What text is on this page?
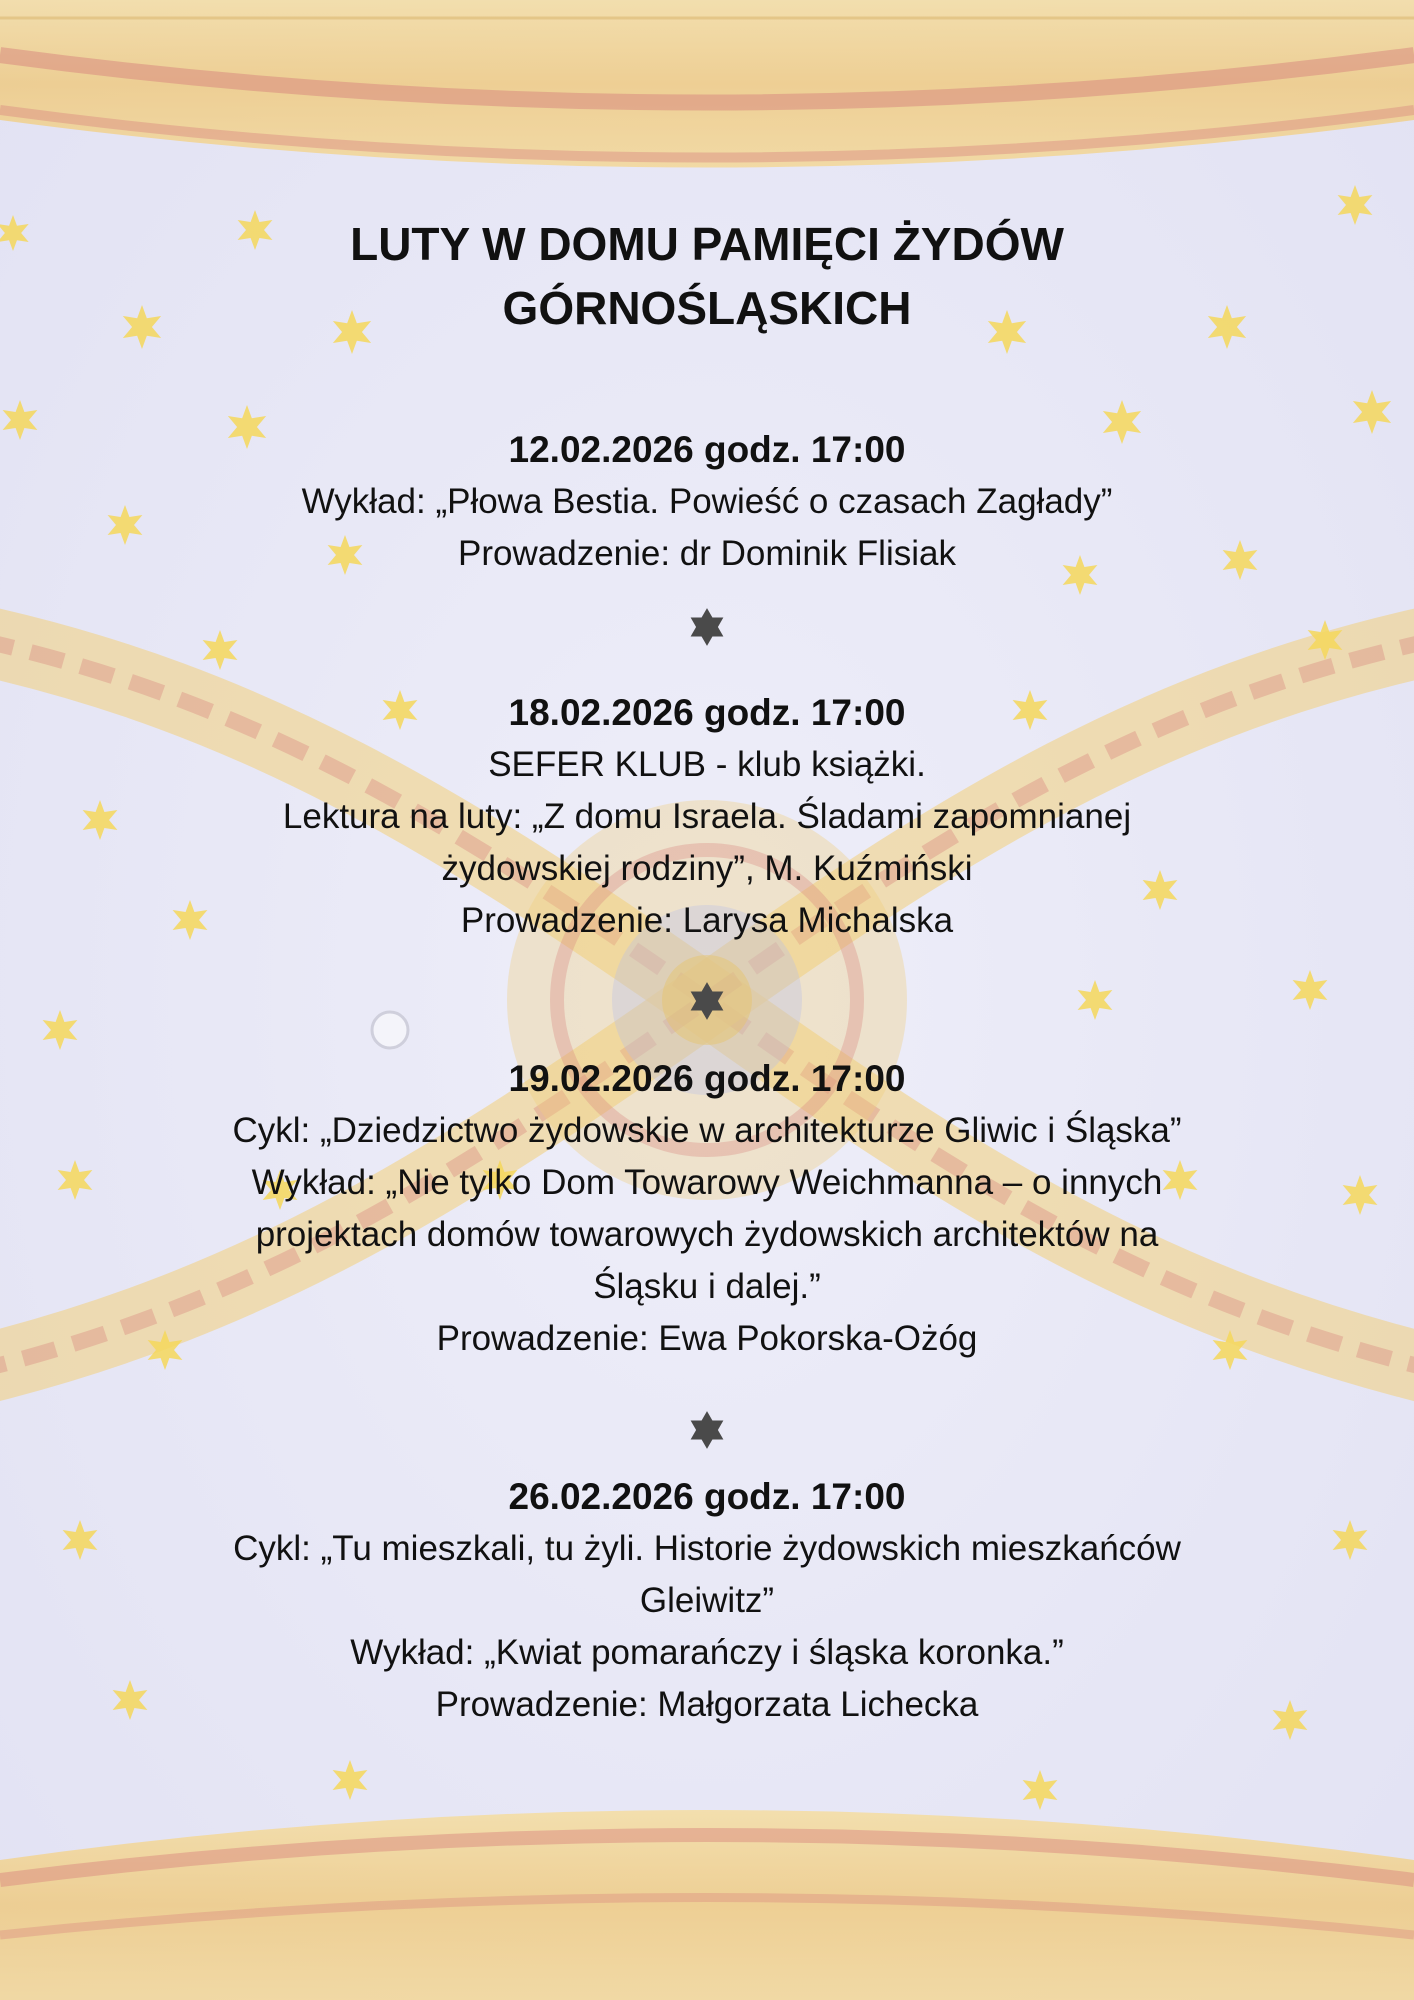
LUTY W DOMU PAMIĘCI ŻYDÓW
GÓRNOŚLĄSKICH
12.02.2026 godz. 17:00
Wykład: „Płowa Bestia. Powieść o czasach Zagłady”
Prowadzenie: dr Dominik Flisiak
18.02.2026 godz. 17:00
SEFER KLUB - klub książki.
Lektura na luty: „Z domu Israela. Śladami zapomnianej
żydowskiej rodziny”, M. Kuźmiński
Prowadzenie: Larysa Michalska
19.02.2026 godz. 17:00
Cykl: „Dziedzictwo żydowskie w architekturze Gliwic i Śląska”
Wykład: „Nie tylko Dom Towarowy Weichmanna – o innych
projektach domów towarowych żydowskich architektów na
Śląsku i dalej.”
Prowadzenie: Ewa Pokorska-Ożóg
26.02.2026 godz. 17:00
Cykl: „Tu mieszkali, tu żyli. Historie żydowskich mieszkańców
Gleiwitz”
Wykład: „Kwiat pomarańczy i śląska koronka.”
Prowadzenie: Małgorzata Lichecka
